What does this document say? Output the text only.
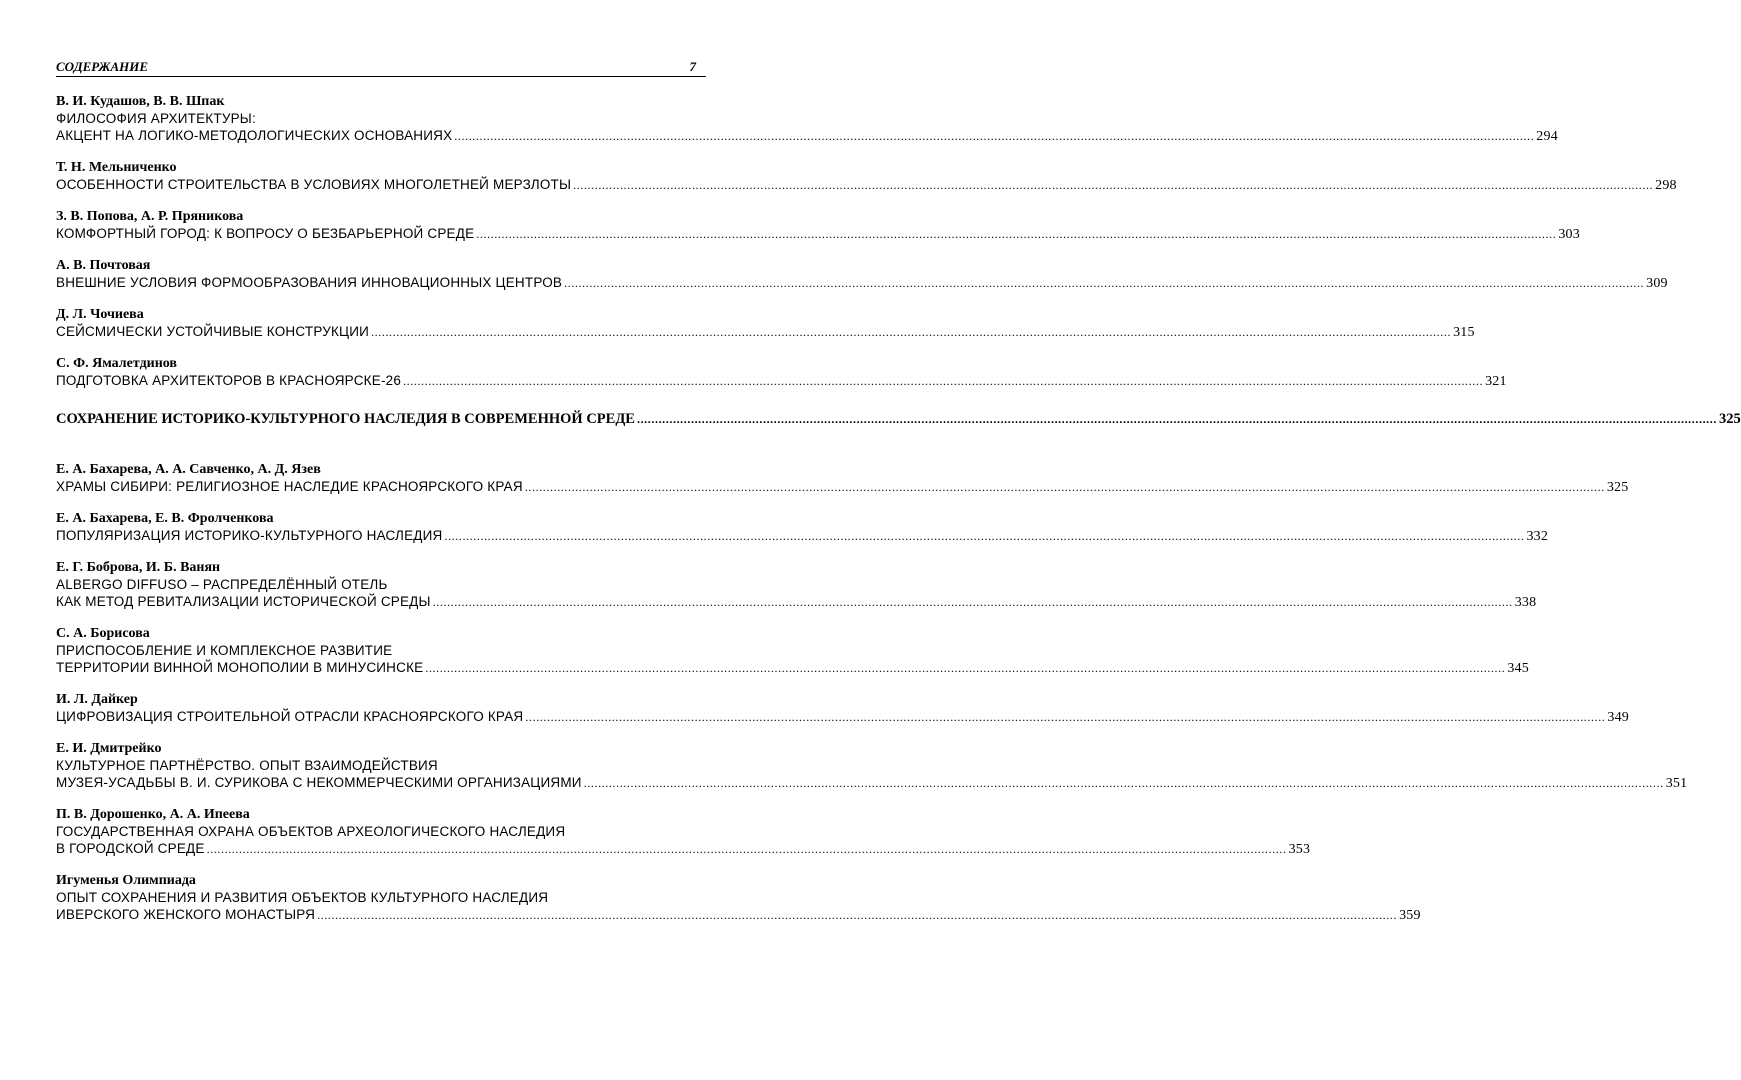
СОДЕРЖАНИЕ	7
В. И. Кудашов, В. В. Шпак
ФИЛОСОФИЯ АРХИТЕКТУРЫ:
АКЦЕНТ НА ЛОГИКО-МЕТОДОЛОГИЧЕСКИХ ОСНОВАНИЯХ ............................................................................................................................................................................................................................................................................................................ 294
Т. Н. Мельниченко
ОСОБЕННОСТИ СТРОИТЕЛЬСТВА В УСЛОВИЯХ МНОГОЛЕТНЕЙ МЕРЗЛОТЫ ............................................................................................................................................................................................................................................................................................................ 298
З. В. Попова, А. Р. Пряникова
КОМФОРТНЫЙ ГОРОД: К ВОПРОСУ О БЕЗБАРЬЕРНОЙ СРЕДЕ ............................................................................................................................................................................................................................................................................................................ 303
А. В. Почтовая
ВНЕШНИЕ УСЛОВИЯ ФОРМООБРАЗОВАНИЯ ИННОВАЦИОННЫХ ЦЕНТРОВ ............................................................................................................................................................................................................................................................................................................ 309
Д. Л. Чочиева
СЕЙСМИЧЕСКИ УСТОЙЧИВЫЕ КОНСТРУКЦИИ ............................................................................................................................................................................................................................................................................................................ 315
С. Ф. Ямалетдинов
ПОДГОТОВКА АРХИТЕКТОРОВ В КРАСНОЯРСКЕ-26 ............................................................................................................................................................................................................................................................................................................ 321
СОХРАНЕНИЕ ИСТОРИКО-КУЛЬТУРНОГО НАСЛЕДИЯ В СОВРЕМЕННОЙ СРЕДЕ ............................................................................................................................................................................................................................................................................................................ 325
Е. А. Бахарева, А. А. Савченко, А. Д. Язев
ХРАМЫ СИБИРИ: РЕЛИГИОЗНОЕ НАСЛЕДИЕ КРАСНОЯРСКОГО КРАЯ ............................................................................................................................................................................................................................................................................................................ 325
Е. А. Бахарева, Е. В. Фролченкова
ПОПУЛЯРИЗАЦИЯ ИСТОРИКО-КУЛЬТУРНОГО НАСЛЕДИЯ ............................................................................................................................................................................................................................................................................................................ 332
Е. Г. Боброва, И. Б. Ванян
ALBERGO DIFFUSO – РАСПРЕДЕЛЁННЫЙ ОТЕЛЬ
КАК МЕТОД РЕВИТАЛИЗАЦИИ ИСТОРИЧЕСКОЙ СРЕДЫ ............................................................................................................................................................................................................................................................................................................ 338
С. А. Борисова
ПРИСПОСОБЛЕНИЕ И КОМПЛЕКСНОЕ РАЗВИТИЕ
ТЕРРИТОРИИ ВИННОЙ МОНОПОЛИИ В МИНУСИНСКЕ ............................................................................................................................................................................................................................................................................................................ 345
И. Л. Дайкер
ЦИФРОВИЗАЦИЯ СТРОИТЕЛЬНОЙ ОТРАСЛИ КРАСНОЯРСКОГО КРАЯ ............................................................................................................................................................................................................................................................................................................ 349
Е. И. Дмитрейко
КУЛЬТУРНОЕ ПАРТНЁРСТВО. ОПЫТ ВЗАИМОДЕЙСТВИЯ
МУЗЕЯ-УСАДЬБЫ В. И. СУРИКОВА С НЕКОММЕРЧЕСКИМИ ОРГАНИЗАЦИЯМИ ............................................................................................................................................................................................................................................................................................................ 351
П. В. Дорошенко, А. А. Ипеева
ГОСУДАРСТВЕННАЯ ОХРАНА ОБЪЕКТОВ АРХЕОЛОГИЧЕСКОГО НАСЛЕДИЯ
В ГОРОДСКОЙ СРЕДЕ ............................................................................................................................................................................................................................................................................................................ 353
Игуменья Олимпиада
ОПЫТ СОХРАНЕНИЯ И РАЗВИТИЯ ОБЪЕКТОВ КУЛЬТУРНОГО НАСЛЕДИЯ
ИВЕРСКОГО ЖЕНСКОГО МОНАСТЫРЯ ............................................................................................................................................................................................................................................................................................................ 359
